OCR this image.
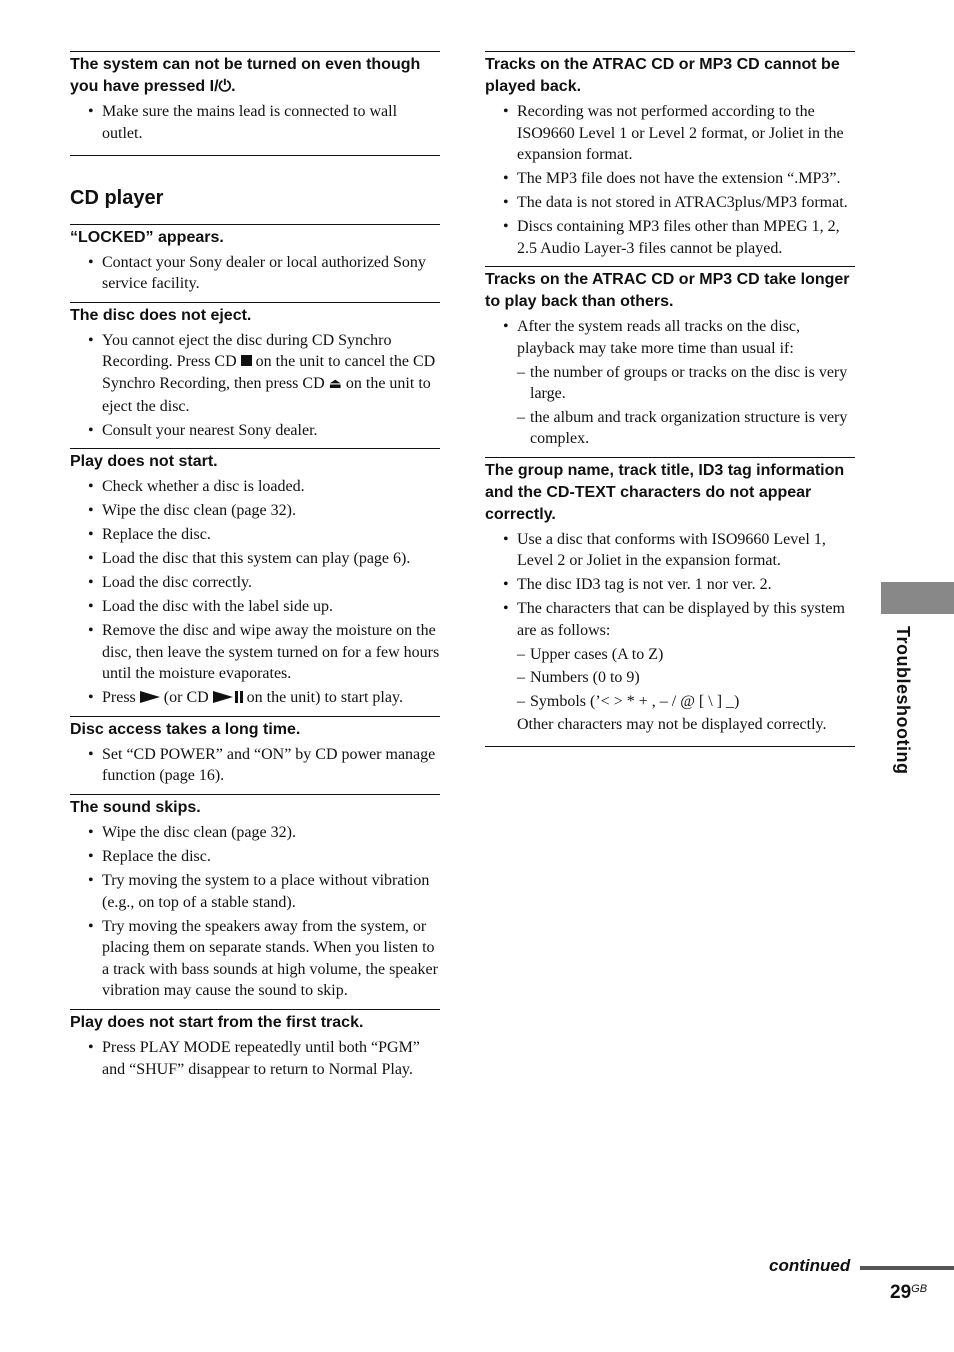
The system can not be turned on even though you have pressed I/⏻.

• Make sure the mains lead is connected to wall outlet.
CD player

“LOCKED” appears.

• Contact your Sony dealer or local authorized Sony service facility.

The disc does not eject.

• You cannot eject the disc during CD Synchro Recording. Press CD on the unit to cancel the CD Synchro Recording, then press CD ⏏ on the unit to eject the disc.
• Consult your nearest Sony dealer.

Play does not start.

• Check whether a disc is loaded.
• Wipe the disc clean (page 32).
• Replace the disc.
• Load the disc that this system can play (page 6).
• Load the disc correctly.
• Load the disc with the label side up.
• Remove the disc and wipe away the moisture on the disc, then leave the system turned on for a few hours until the moisture evaporates.
• Press (or CD on the unit) to start play.

Disc access takes a long time.

• Set “CD POWER” and “ON” by CD power manage function (page 16).

The sound skips.

• Wipe the disc clean (page 32).
• Replace the disc.
• Try moving the system to a place without vibration (e.g., on top of a stable stand).
• Try moving the speakers away from the system, or placing them on separate stands. When you listen to a track with bass sounds at high volume, the speaker vibration may cause the sound to skip.

Play does not start from the first track.

• Press PLAY MODE repeatedly until both “PGM” and “SHUF” disappear to return to Normal Play.

Tracks on the ATRAC CD or MP3 CD cannot be played back.

• Recording was not performed according to the ISO9660 Level 1 or Level 2 format, or Joliet in the expansion format.
• The MP3 file does not have the extension “.MP3”.
• The data is not stored in ATRAC3plus/MP3 format.
• Discs containing MP3 files other than MPEG 1, 2, 2.5 Audio Layer-3 files cannot be played.

Tracks on the ATRAC CD or MP3 CD take longer to play back than others.

• After the system reads all tracks on the disc, playback may take more time than usual if:
– the number of groups or tracks on the disc is very large.
– the album and track organization structure is very complex.

The group name, track title, ID3 tag information and the CD-TEXT characters do not appear correctly.

• Use a disc that conforms with ISO9660 Level 1, Level 2 or Joliet in the expansion format.
• The disc ID3 tag is not ver. 1 nor ver. 2.
• The characters that can be displayed by this system are as follows:
– Upper cases (A to Z)
– Numbers (0 to 9)
– Symbols (’< > * + , – / @ [ \ ] _)
Other characters may not be displayed correctly.	Troubleshooting
continued
$29^{GB}$
